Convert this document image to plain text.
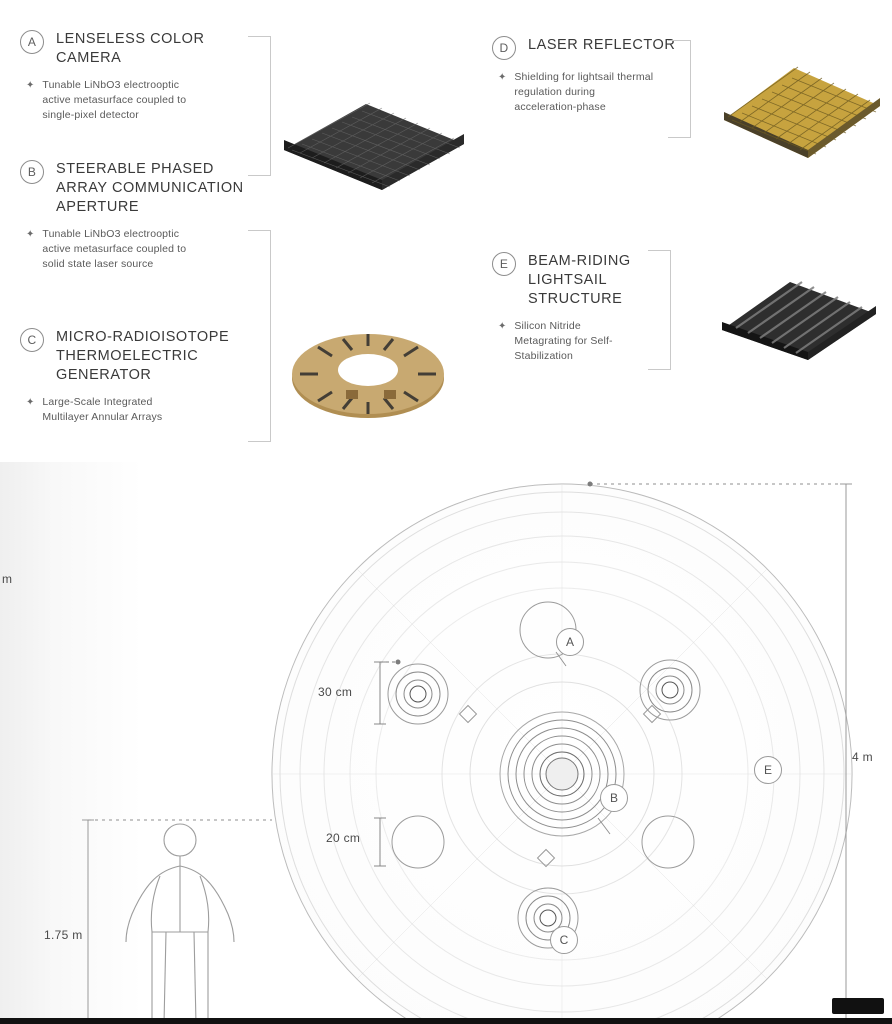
A	LENSELESS COLOR CAMERA
✦ Tunable LiNbO3 electrooptic active metasurface coupled to single-pixel detector
B	STEERABLE PHASED ARRAY COMMUNICATION APERTURE
✦ Tunable LiNbO3 electrooptic active metasurface coupled to solid state laser source
C	MICRO-RADIOISOTOPE THERMOELECTRIC GENERATOR
✦ Large-Scale Integrated Multilayer Annular Arrays
D	LASER REFLECTOR
✦ Shielding for lightsail thermal regulation during acceleration-phase
E	BEAM-RIDING LIGHTSAIL STRUCTURE
✦ Silicon Nitride Metagrating for Self-Stabilization
4 m
m
1.75 m
30 cm
20 cm
A
B
C
E
